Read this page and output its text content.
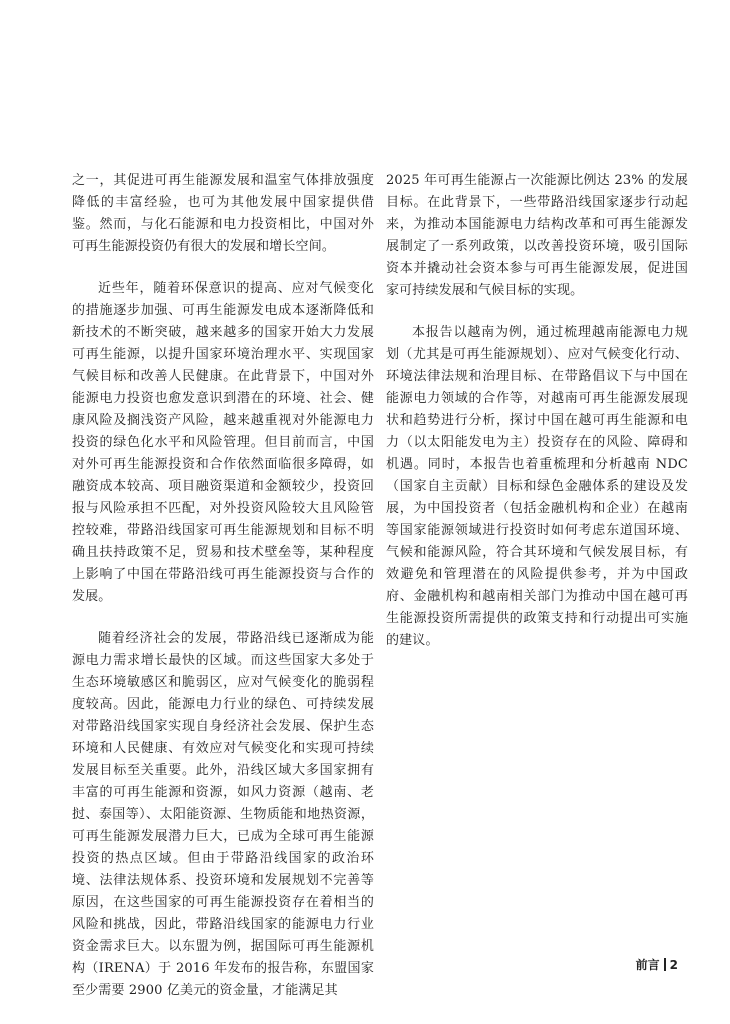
之一，其促进可再生能源发展和温室气体排放强度降低的丰富经验，也可为其他发展中国家提供借鉴。然而，与化石能源和电力投资相比，中国对外可再生能源投资仍有很大的发展和增长空间。

近些年，随着环保意识的提高、应对气候变化的措施逐步加强、可再生能源发电成本逐渐降低和新技术的不断突破，越来越多的国家开始大力发展可再生能源，以提升国家环境治理水平、实现国家气候目标和改善人民健康。在此背景下，中国对外能源电力投资也愈发意识到潜在的环境、社会、健康风险及搁浅资产风险，越来越重视对外能源电力投资的绿色化水平和风险管理。但目前而言，中国对外可再生能源投资和合作依然面临很多障碍，如融资成本较高、项目融资渠道和金额较少，投资回报与风险承担不匹配，对外投资风险较大且风险管控较难，带路沿线国家可再生能源规划和目标不明确且扶持政策不足，贸易和技术壁垒等，某种程度上影响了中国在带路沿线可再生能源投资与合作的发展。

随着经济社会的发展，带路沿线已逐渐成为能源电力需求增长最快的区域。而这些国家大多处于生态环境敏感区和脆弱区，应对气候变化的脆弱程度较高。因此，能源电力行业的绿色、可持续发展对带路沿线国家实现自身经济社会发展、保护生态环境和人民健康、有效应对气候变化和实现可持续发展目标至关重要。此外，沿线区域大多国家拥有丰富的可再生能源和资源，如风力资源（越南、老挝、泰国等）、太阳能资源、生物质能和地热资源，可再生能源发展潜力巨大，已成为全球可再生能源投资的热点区域。但由于带路沿线国家的政治环境、法律法规体系、投资环境和发展规划不完善等原因，在这些国家的可再生能源投资存在着相当的风险和挑战，因此，带路沿线国家的能源电力行业资金需求巨大。以东盟为例，据国际可再生能源机构（IRENA）于 2016 年发布的报告称，东盟国家至少需要 2900 亿美元的资金量，才能满足其

2025 年可再生能源占一次能源比例达 23% 的发展目标。在此背景下，一些带路沿线国家逐步行动起来，为推动本国能源电力结构改革和可再生能源发展制定了一系列政策，以改善投资环境，吸引国际资本并撬动社会资本参与可再生能源发展，促进国家可持续发展和气候目标的实现。

本报告以越南为例，通过梳理越南能源电力规划（尤其是可再生能源规划）、应对气候变化行动、环境法律法规和治理目标、在带路倡议下与中国在能源电力领域的合作等，对越南可再生能源发展现状和趋势进行分析，探讨中国在越可再生能源和电力（以太阳能发电为主）投资存在的风险、障碍和机遇。同时，本报告也着重梳理和分析越南 NDC（国家自主贡献）目标和绿色金融体系的建设及发展，为中国投资者（包括金融机构和企业）在越南等国家能源领域进行投资时如何考虑东道国环境、气候和能源风险，符合其环境和气候发展目标，有效避免和管理潜在的风险提供参考，并为中国政府、金融机构和越南相关部门为推动中国在越可再生能源投资所需提供的政策支持和行动提出可实施的建议。

前言 2
